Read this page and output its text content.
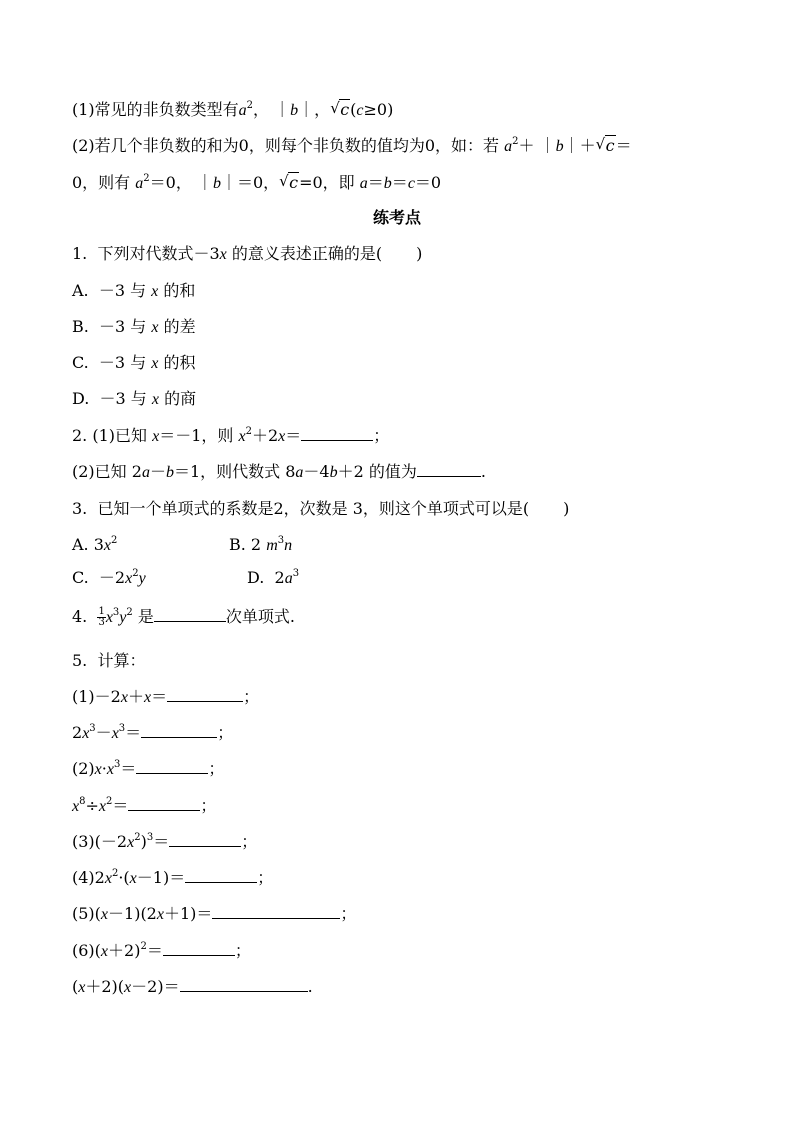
(1)常见的非负数类型有$a^2$， ｜b｜， √ c(c≥0)
(2)若几个非负数的和为0，则每个非负数的值均为0，如：若 $a^2+$ ｜b｜＋ √ c＝
0，则有 $a^2=0$， ｜b｜＝0， √ c=0，即 a＝b＝c＝0
练考点
1.  下列对代数式－3x 的意义表述正确的是( )
A.  －3 与 x 的和
B.  －3 与 x 的差
C.  －3 与 x 的积
D.  －3 与 x 的商
2. (1)已知 x＝－1，则 $x^2+2x=$	；
(2)已知 2a－b＝1，则代数式 8a－4b＋2 的值为	.
3.  已知一个单项式的系数是2，次数是 3，则这个单项式可以是( )
A. $3x^2$	B. 2 $m^3n$
C.  $-2x^2y$	D.  $2a^3$
4. $\frac{1}{3} x^3y^2$ 是	次单项式.
5.  计算：
(1)－2x＋x＝	；
$2x^3-x^3=$	；
$(2)x\cdot x^3=$	；
$x^8\div x^2=$	；
$(3)(-2x^2)^3=$	；
$(4)2x^2\cdot(x-1)=$	；
(5)(x－1)(2x＋1)＝	；
$(6)(x+2)^2=$	；
(x＋2)(x－2)＝	.
